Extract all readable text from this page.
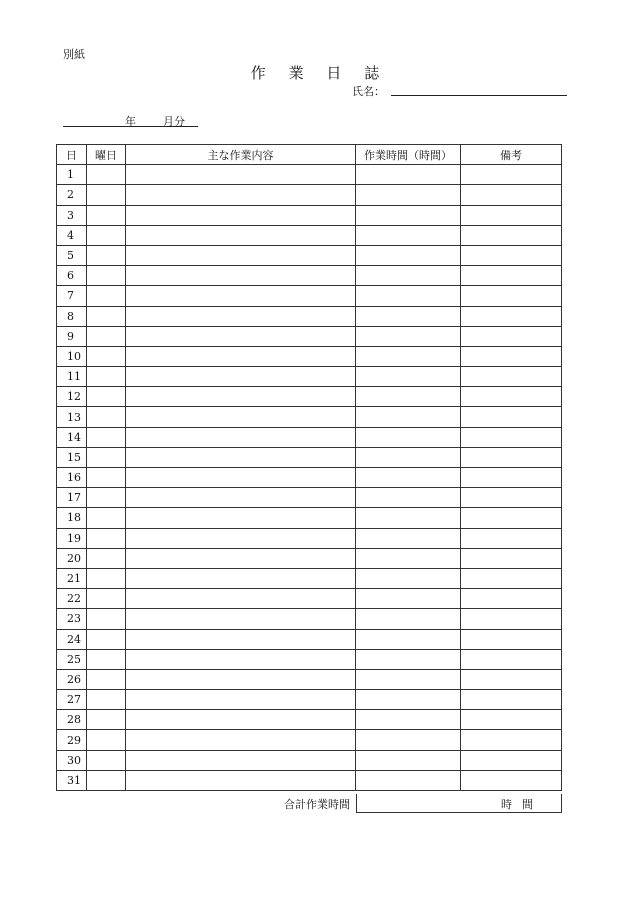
別紙
作 業 日 誌
氏名：
年 月分
日	曜日	主な作業内容	作業時間（時間）	備考
1				
2				
3				
4				
5				
6				
7				
8				
9				
10				
11				
12				
13				
14				
15				
16				
17				
18				
19				
20				
21				
22				
23				
24				
25				
26				
27				
28				
29				
30				
31				
合計作業時間	時間
